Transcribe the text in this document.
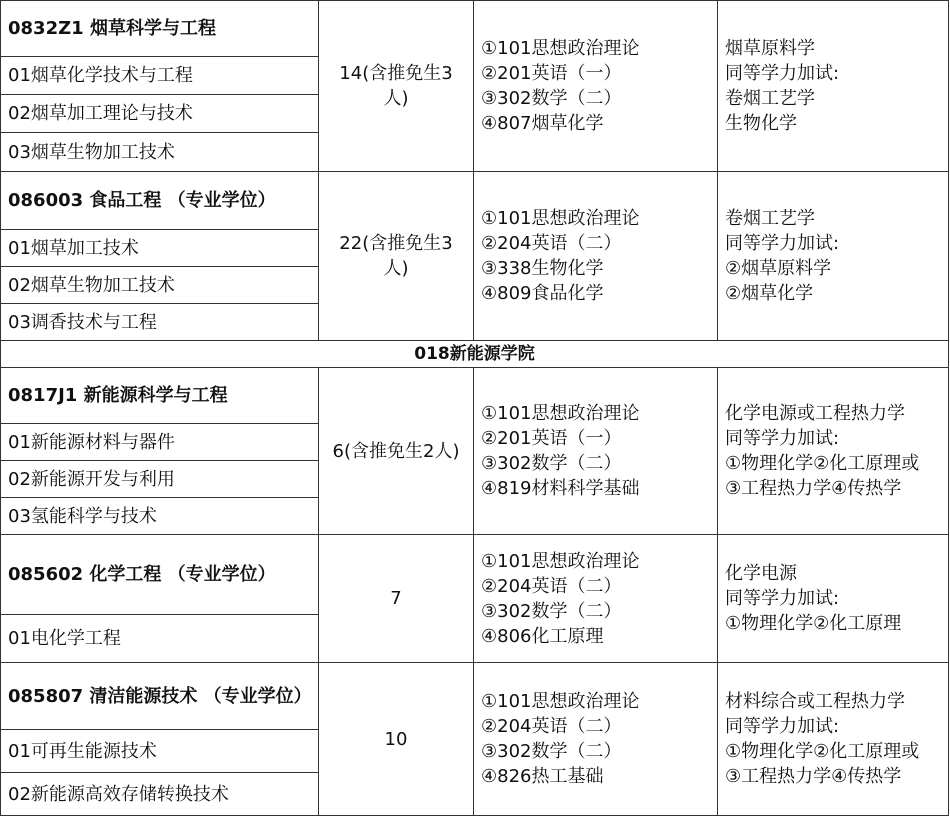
0832Z1 烟草科学与工程	14(含推免生3人)	①101思想政治理论
②201英语（一）
③302数学（二）
④807烟草化学	烟草原料学
同等学力加试:
卷烟工艺学
生物化学

01烟草化学技术与工程			
02烟草加工理论与技术			
03烟草生物加工技术			
086003 食品工程 （专业学位）	22(含推免生3人)	①101思想政治理论
②204英语（二）
③338生物化学
④809食品化学	卷烟工艺学
同等学力加试:
②烟草原料学
②烟草化学

01烟草加工技术			
02烟草生物加工技术			
03调香技术与工程			
018新能源学院			
0817J1 新能源科学与工程	6(含推免生2人)	①101思想政治理论
②201英语（一）
③302数学（二）
④819材料科学基础	化学电源或工程热力学
同等学力加试:
①物理化学②化工原理或
③工程热力学④传热学

01新能源材料与器件			
02新能源开发与利用			
03氢能科学与技术			
085602 化学工程 （专业学位）	7	①101思想政治理论
②204英语（二）
③302数学（二）
④806化工原理	化学电源
同等学力加试:
①物理化学②化工原理

01电化学工程			
085807 清洁能源技术 （专业学位）	10	①101思想政治理论
②204英语（二）
③302数学（二）
④826热工基础	材料综合或工程热力学
同等学力加试:
①物理化学②化工原理或
③工程热力学④传热学

01可再生能源技术			
02新能源高效存储转换技术			
